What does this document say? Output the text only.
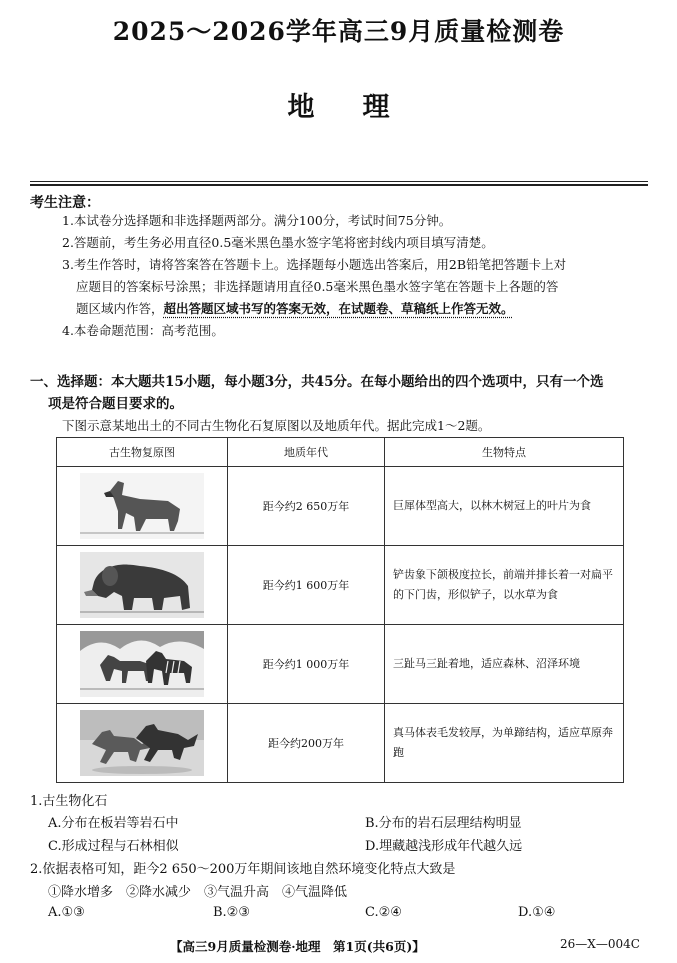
2025～2026学年高三9月质量检测卷
地理
考生注意：
1.本试卷分选择题和非选择题两部分。满分100分，考试时间75分钟。
2.答题前，考生务必用直径0.5毫米黑色墨水签字笔将密封线内项目填写清楚。
3.考生作答时，请将答案答在答题卡上。选择题每小题选出答案后，用2B铅笔把答题卡上对
应题目的答案标号涂黑；非选择题请用直径0.5毫米黑色墨水签字笔在答题卡上各题的答
题区域内作答，超出答题区域书写的答案无效，在试题卷、草稿纸上作答无效。
4.本卷命题范围：高考范围。
一、选择题：本大题共15小题，每小题3分，共45分。在每小题给出的四个选项中，只有一个选
项是符合题目要求的。
下图示意某地出土的不同古生物化石复原图以及地质年代。据此完成1～2题。
古生物复原图	地质年代	生物特点
	距今约2 650万年	巨犀体型高大，以林木树冠上的叶片为食
	距今约1 600万年	铲齿象下颌极度拉长，前端并排长着一对扁平的下门齿，形似铲子，以水草为食
	距今约1 000万年	三趾马三趾着地，适应森林、沼泽环境
	距今约200万年	真马体表毛发较厚，为单蹄结构，适应草原奔跑
1.古生物化石
A.分布在板岩等岩石中	B.分布的岩石层理结构明显
C.形成过程与石林相似	D.埋藏越浅形成年代越久远
2.依据表格可知，距今2 650～200万年期间该地自然环境变化特点大致是
①降水增多　②降水减少　③气温升高　④气温降低
A.①③	B.②③	C.②④	D.①④
【高三9月质量检测卷·地理　第1页(共6页)】	26—X—004C
